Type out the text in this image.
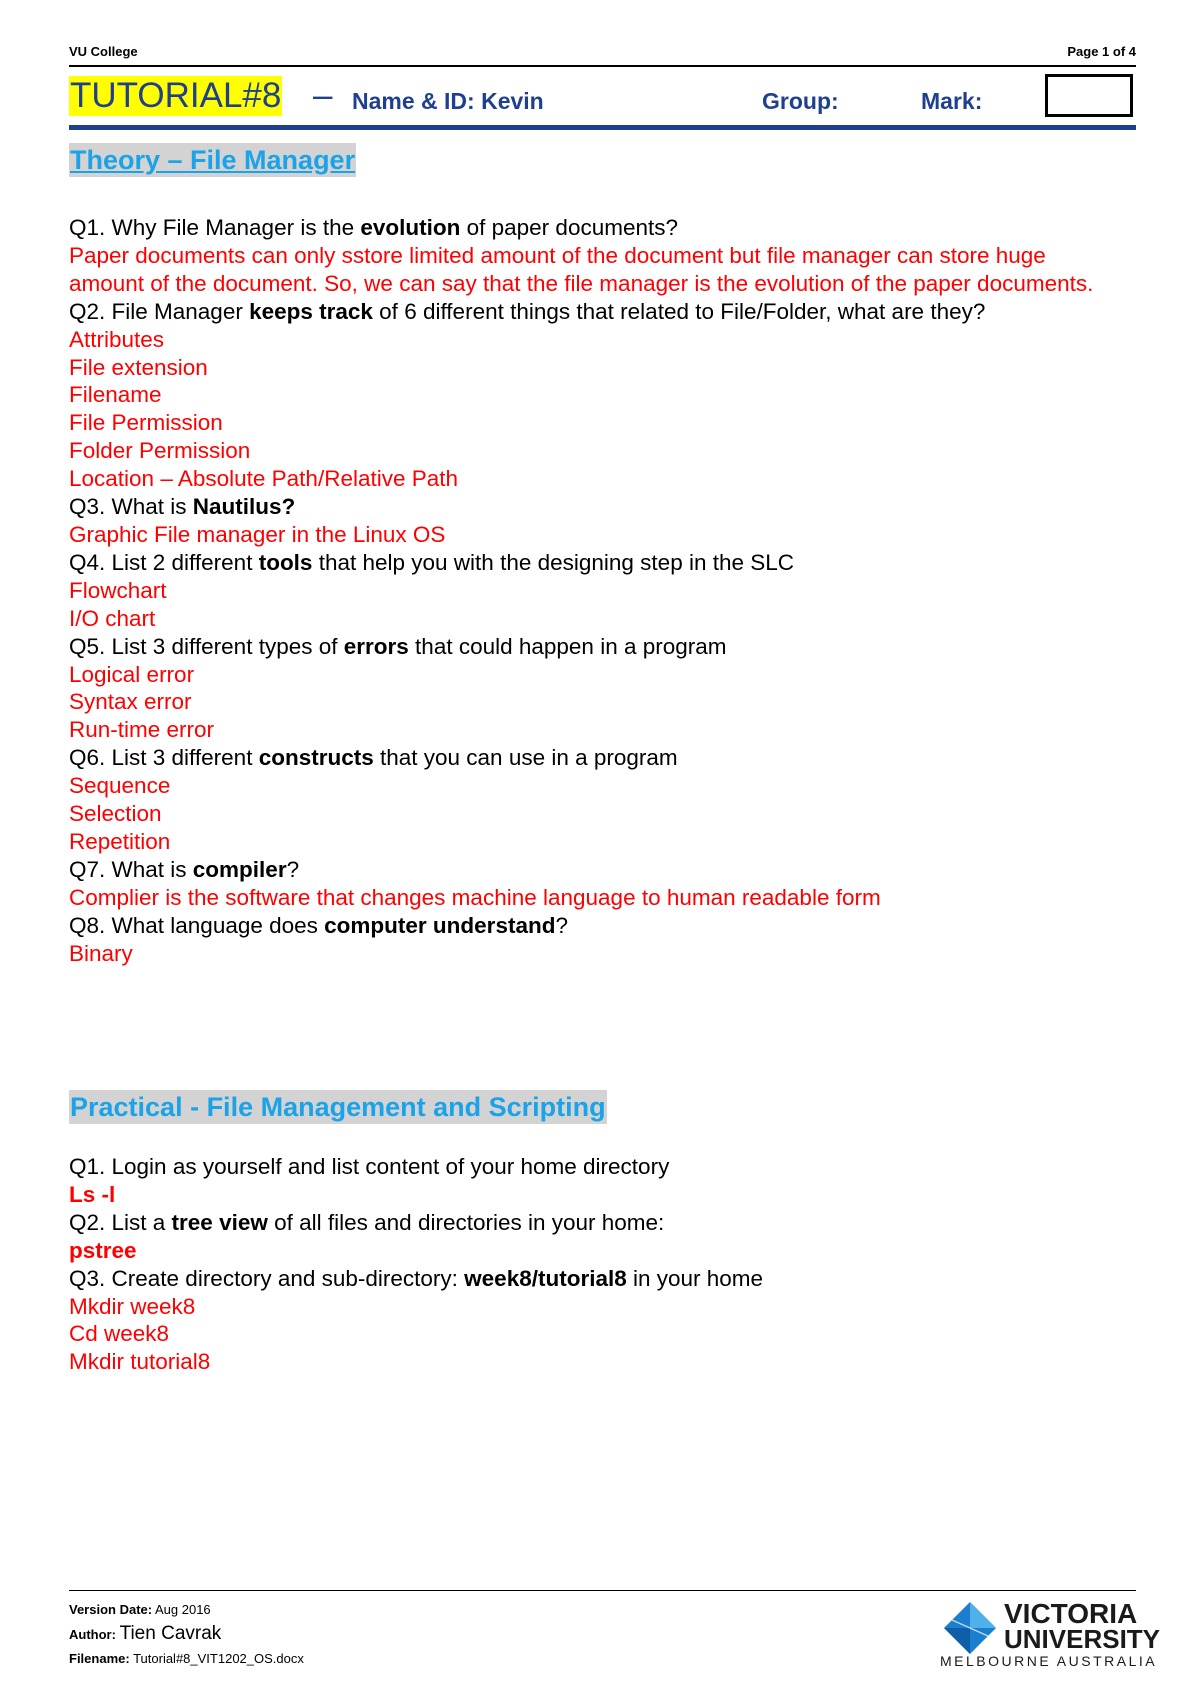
VU College	Page 1 of 4
TUTORIAL#8 – Name & ID: Kevin	Group:	Mark:
Theory – File Manager
Q1. Why File Manager is the evolution of paper documents?
Paper documents can only sstore limited amount of the document but file manager can store huge amount of the document. So, we can say that the file manager is the evolution of the paper documents.
Q2. File Manager keeps track of 6 different things that related to File/Folder, what are they?
Attributes
File extension
Filename
File Permission
Folder Permission
Location – Absolute Path/Relative Path
Q3. What is Nautilus?
Graphic File manager in the Linux OS
Q4. List 2 different tools that help you with the designing step in the SLC
Flowchart
I/O chart
Q5. List 3 different types of errors that could happen in a program
Logical error
Syntax error
Run-time error
Q6. List 3 different constructs that you can use in a program
Sequence
Selection
Repetition
Q7. What is compiler?
Complier is the software that changes machine language to human readable form
Q8. What language does computer understand?
Binary
Practical - File Management and Scripting
Q1. Login as yourself and list content of your home directory
Ls -l
Q2. List a tree view of all files and directories in your home:
pstree
Q3. Create directory and sub-directory: week8/tutorial8 in your home
Mkdir week8
Cd week8
Mkdir tutorial8
Version Date: Aug 2016
Author: Tien Cavrak
Filename: Tutorial#8_VIT1202_OS.docx
VICTORIA
UNIVERSITY
MELBOURNE AUSTRALIA
